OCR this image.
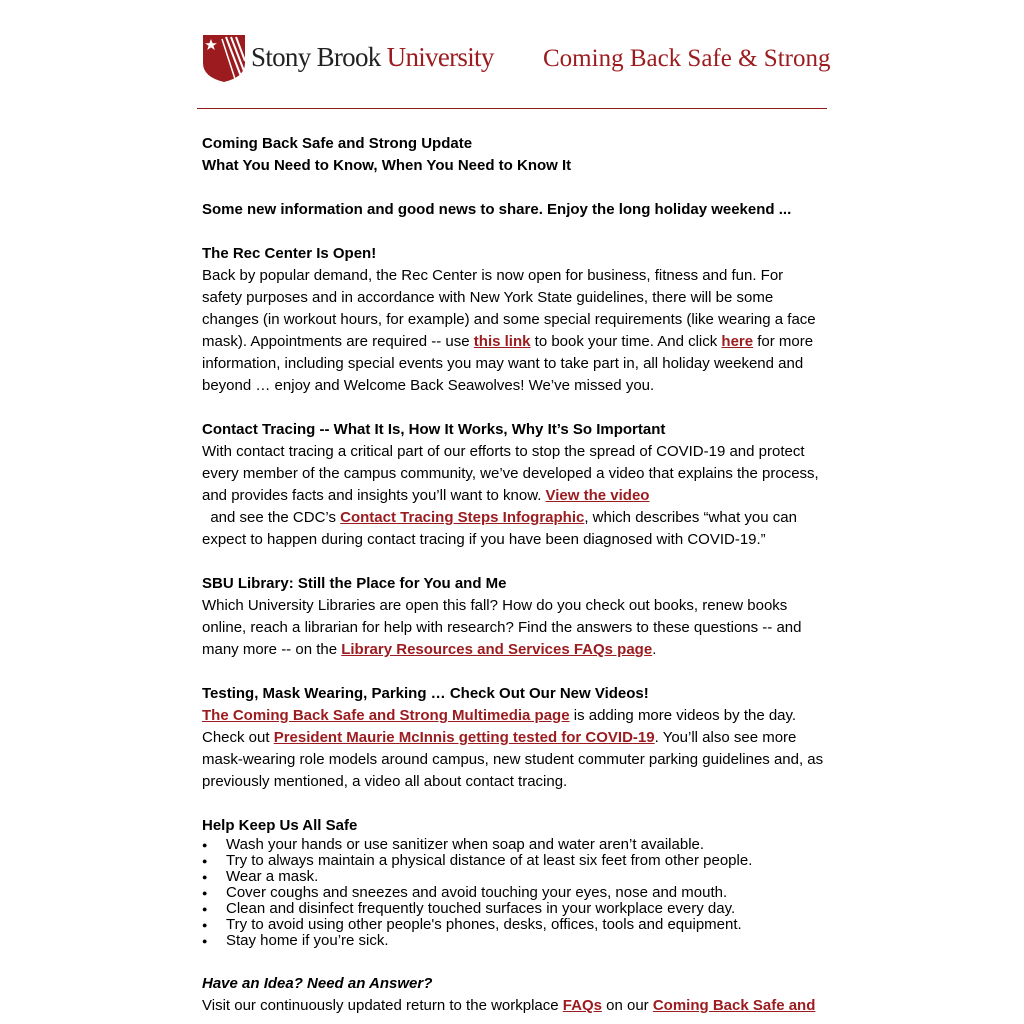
Stony Brook University Coming Back Safe & Strong

Coming Back Safe and Strong Update

What You Need to Know, When You Need to Know It

Some new information and good news to share. Enjoy the long holiday weekend ...

The Rec Center Is Open!

Back by popular demand, the Rec Center is now open for business, fitness and fun. For safety purposes and in accordance with New York State guidelines, there will be some changes (in workout hours, for example) and some special requirements (like wearing a face mask). Appointments are required -- use this link to book your time. And click here for more information, including special events you may want to take part in, all holiday weekend and beyond … enjoy and Welcome Back Seawolves! We’ve missed you.

Contact Tracing -- What It Is, How It Works, Why It’s So Important

With contact tracing a critical part of our efforts to stop the spread of COVID-19 and protect every member of the campus community, we’ve developed a video that explains the process, and provides facts and insights you’ll want to know. View the video  and see the CDC’s Contact Tracing Steps Infographic, which describes “what you can expect to happen during contact tracing if you have been diagnosed with COVID-19.”

SBU Library: Still the Place for You and Me

Which University Libraries are open this fall? How do you check out books, renew books online, reach a librarian for help with research? Find the answers to these questions -- and many more -- on the Library Resources and Services FAQs page.

Testing, Mask Wearing, Parking … Check Out Our New Videos!

The Coming Back Safe and Strong Multimedia page is adding more videos by the day. Check out President Maurie McInnis getting tested for COVID-19. You’ll also see more mask-wearing role models around campus, new student commuter parking guidelines and, as previously mentioned, a video all about contact tracing.

Help Keep Us All Safe

● Wash your hands or use sanitizer when soap and water aren’t available.
● Try to always maintain a physical distance of at least six feet from other people.
● Wear a mask.
● Cover coughs and sneezes and avoid touching your eyes, nose and mouth.
● Clean and disinfect frequently touched surfaces in your workplace every day.
● Try to avoid using other people's phones, desks, offices, tools and equipment.
● Stay home if you’re sick.

Have an Idea? Need an Answer?

Visit our continuously updated return to the workplace FAQs on our Coming Back Safe and
